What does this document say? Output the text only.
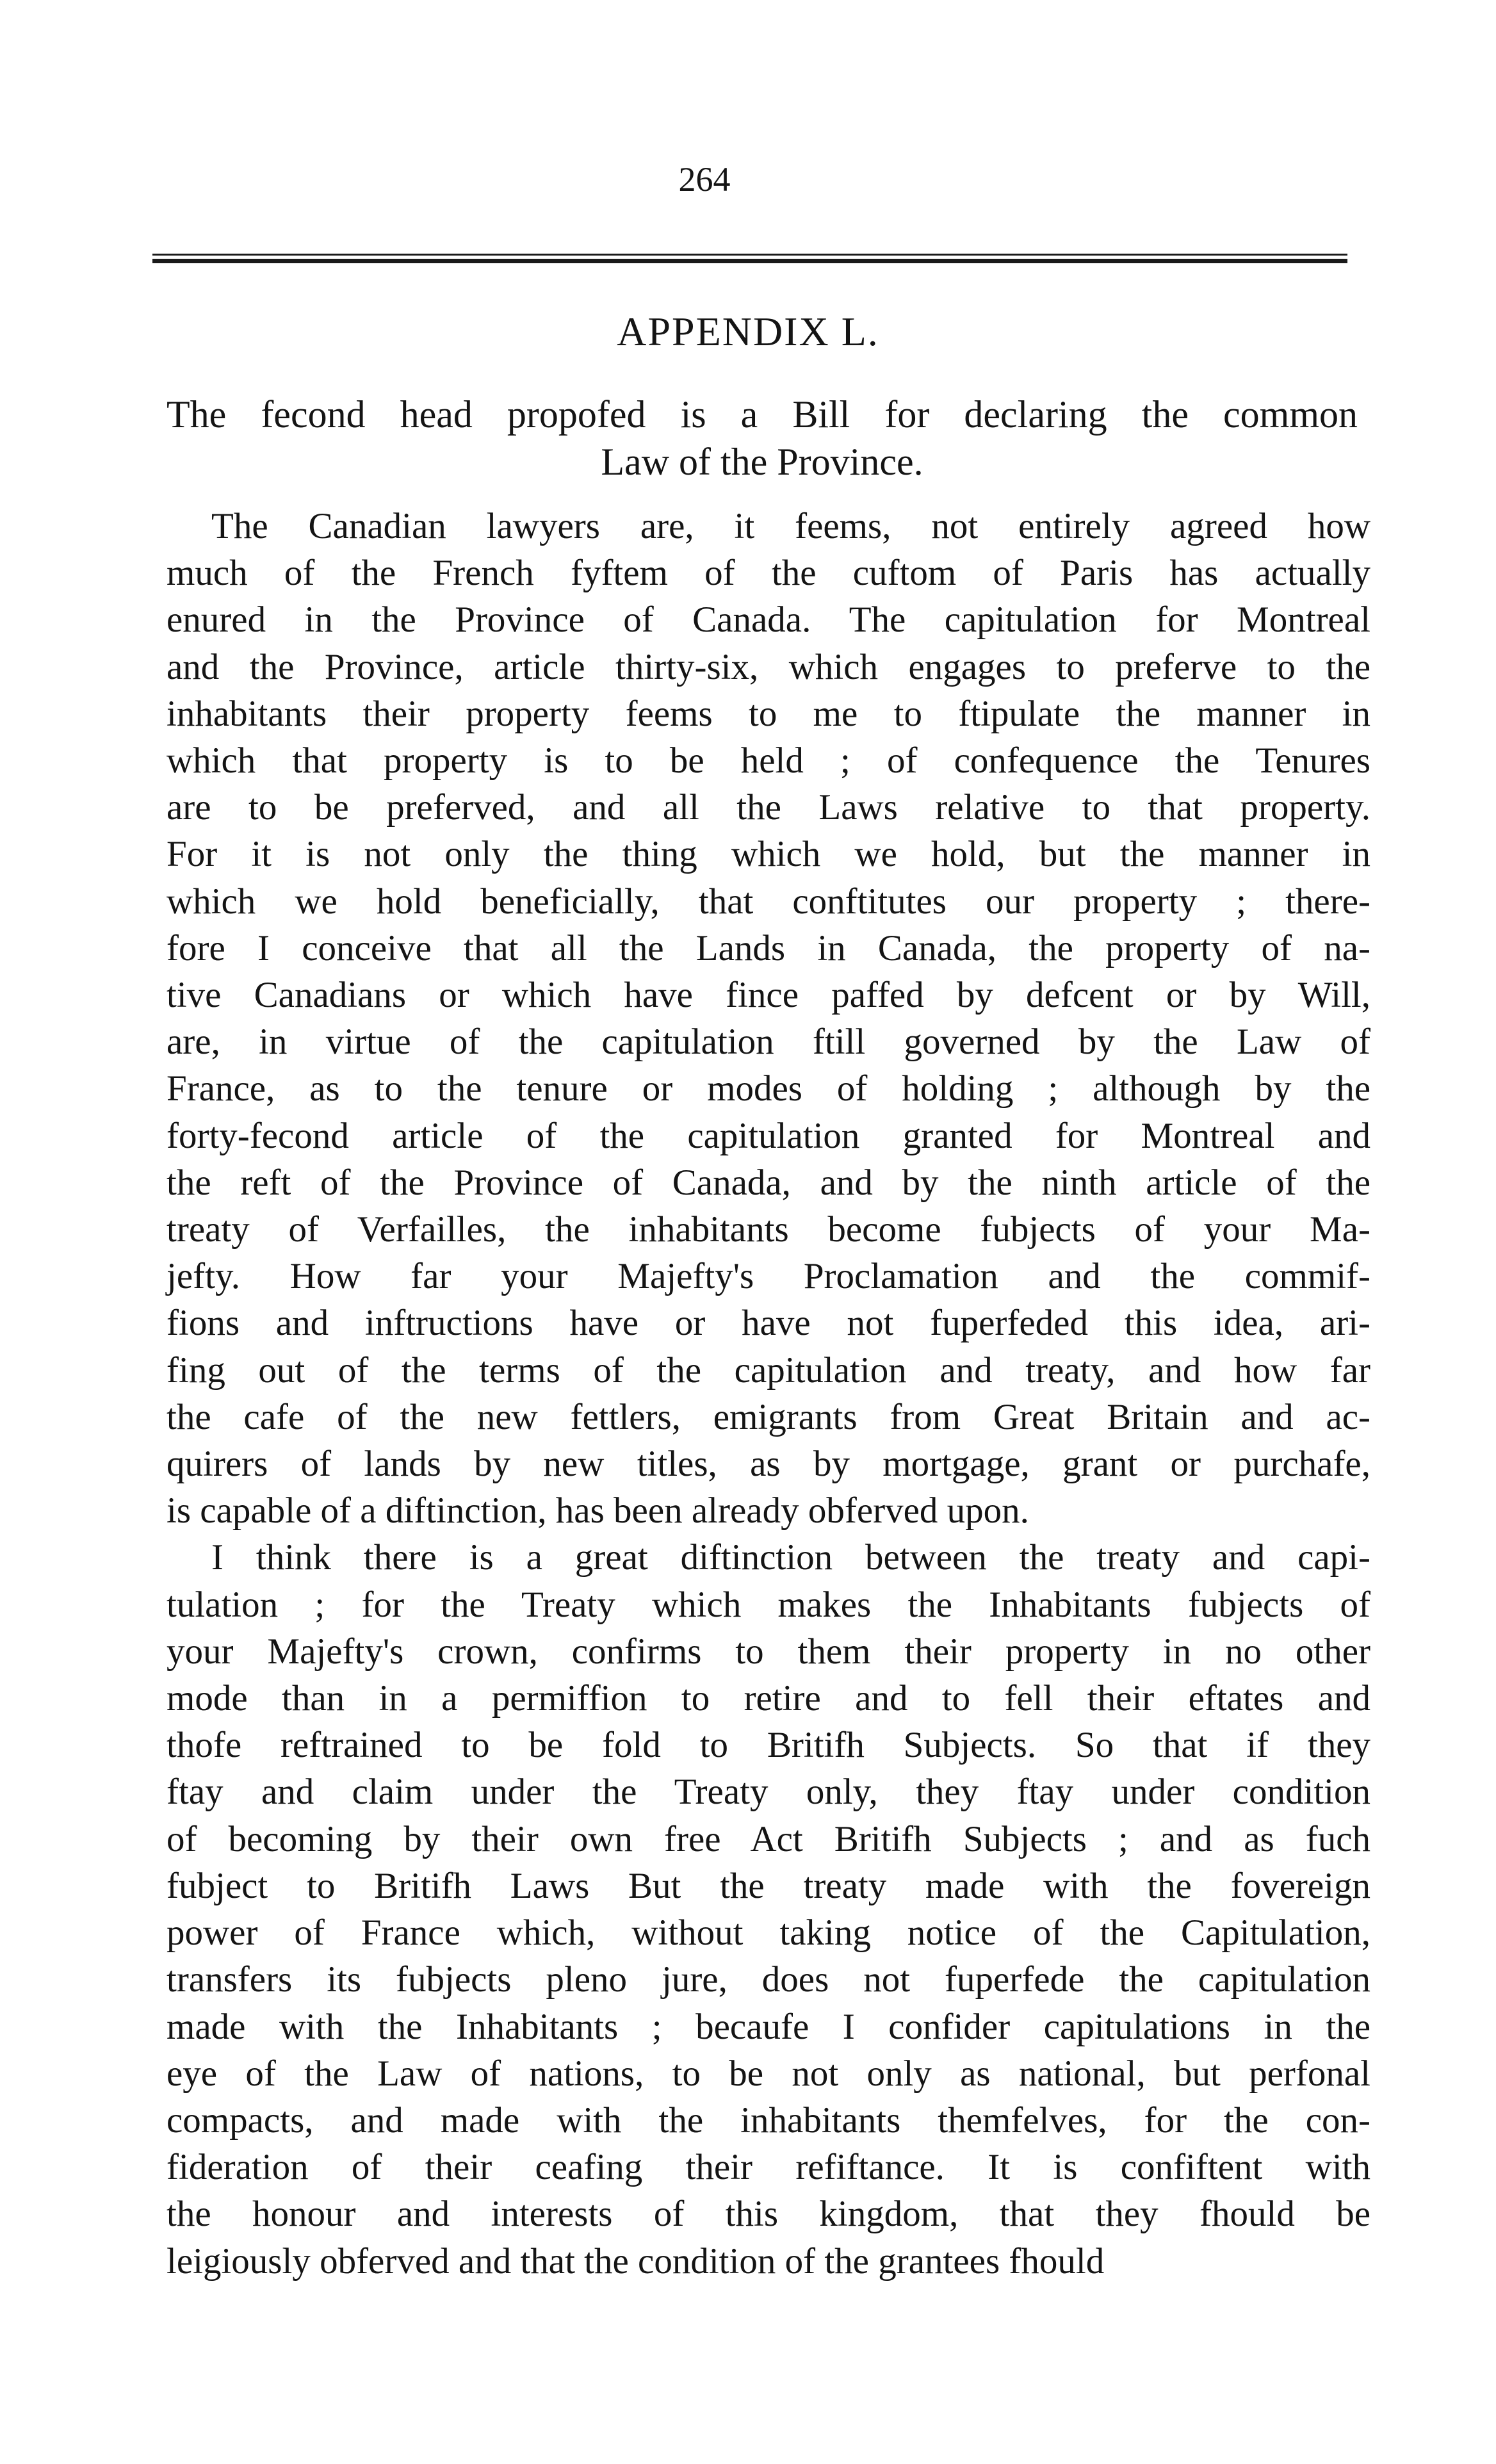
264
APPENDIX L.
The fecond head propofed is a Bill for declaring the common
Law of the Province.
The Canadian lawyers are, it feems, not entirely agreed how
much of the French fyftem of the cuftom of Paris has actually
enured in the Province of Canada. The capitulation for Montreal
and the Province, article thirty-six, which engages to preferve to the
inhabitants their property feems to me to ftipulate the manner in
which that property is to be held ; of confequence the Tenures
are to be preferved, and all the Laws relative to that property.
For it is not only the thing which we hold, but the manner in
which we hold beneficially, that conftitutes our property ; there-
fore I conceive that all the Lands in Canada, the property of na-
tive Canadians or which have fince paffed by defcent or by Will,
are, in virtue of the capitulation ftill governed by the Law of
France, as to the tenure or modes of holding ; although by the
forty-fecond article of the capitulation granted for Montreal and
the reft of the Province of Canada, and by the ninth article of the
treaty of Verfailles, the inhabitants become fubjects of your Ma-
jefty. How far your Majefty's Proclamation and the commif-
fions and inftructions have or have not fuperfeded this idea, ari-
fing out of the terms of the capitulation and treaty, and how far
the cafe of the new fettlers, emigrants from Great Britain and ac-
quirers of lands by new titles, as by mortgage, grant or purchafe,
is capable of a diftinction, has been already obferved upon.
I think there is a great diftinction between the treaty and capi-
tulation ; for the Treaty which makes the Inhabitants fubjects of
your Majefty's crown, confirms to them their property in no other
mode than in a permiffion to retire and to fell their eftates and
thofe reftrained to be fold to Britifh Subjects. So that if they
ftay and claim under the Treaty only, they ftay under condition
of becoming by their own free Act Britifh Subjects ; and as fuch
fubject to Britifh Laws But the treaty made with the fovereign
power of France which, without taking notice of the Capitulation,
transfers its fubjects pleno jure, does not fuperfede the capitulation
made with the Inhabitants ; becaufe I confider capitulations in the
eye of the Law of nations, to be not only as national, but perfonal
compacts, and made with the inhabitants themfelves, for the con-
fideration of their ceafing their refiftance. It is confiftent with
the honour and interests of this kingdom, that they fhould be
leigiously obferved and that the condition of the grantees fhould
